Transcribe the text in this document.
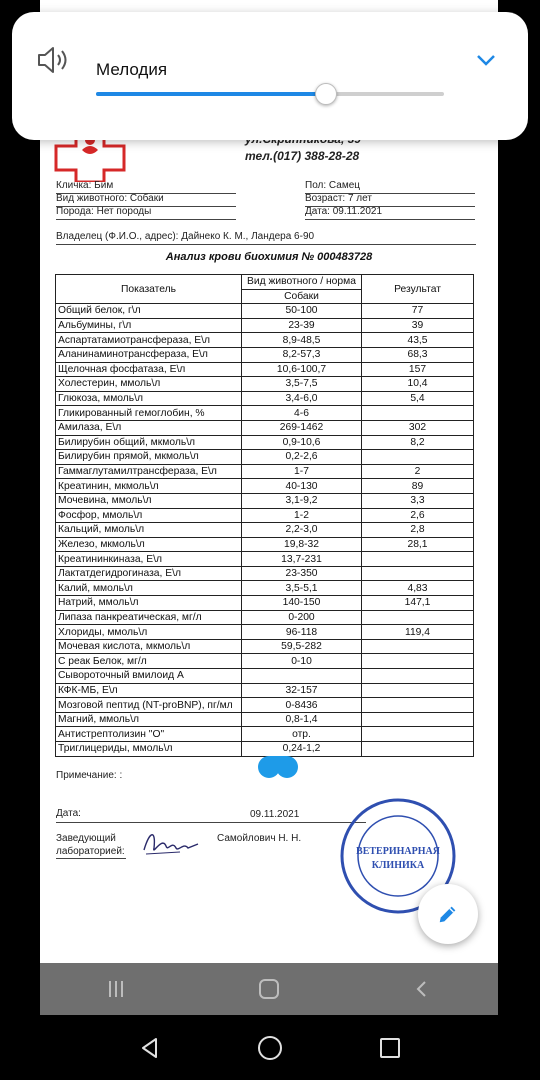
тел.(017) 388-28-28
Кличка: Бим
Вид животного: Собаки
Порода: Нет породы
Пол: Самец
Возраст: 7 лет
Дата: 09.11.2021
Владелец (Ф.И.О., адрес): Дайнеко К. М., Ландера 6-90
Анализ крови биохимия № 000483728
Показатель	Вид животного / норма	Результат
	Собаки	
Общий белок, г\л	50-100	77
Альбумины, г\л	23-39	39
Аспартатамиотрансфераза, Е\л	8,9-48,5	43,5
Аланинаминотрансфераза, Е\л	8,2-57,3	68,3
Щелочная фосфатаза, Е\л	10,6-100,7	157
Холестерин, ммоль\л	3,5-7,5	10,4
Глюкоза, ммоль\л	3,4-6,0	5,4
Гликированный гемоглобин, %	4-6	
Амилаза, Е\л	269-1462	302
Билирубин общий, мкмоль\л	0,9-10,6	8,2
Билирубин прямой, мкмоль\л	0,2-2,6	
Гаммаглутамилтрансфераза, Е\л	1-7	2
Креатинин, мкмоль\л	40-130	89
Мочевина, ммоль\л	3,1-9,2	3,3
Фосфор, ммоль\л	1-2	2,6
Кальций, ммоль\л	2,2-3,0	2,8
Железо, мкмоль\л	19,8-32	28,1
Креатининкиназа, Е\л	13,7-231	
Лактатдегидрогиназа, Е\л	23-350	
Калий, ммоль\л	3,5-5,1	4,83
Натрий, ммоль\л	140-150	147,1
Липаза панкреатическая, мг/л	0-200	
Хлориды, ммоль\л	96-118	119,4
Мочевая кислота, мкмоль\л	59,5-282	
С реак Белок, мг/л	0-10	
Сывороточный вмилоид А		
КФК-МБ, Е\л	32-157	
Мозговой пептид (NT-proBNP), пг/мл	0-8436	
Магний, ммоль\л	0,8-1,4	
Антистрептолизин "О"	отр.	
Триглицериды, ммоль\л	0,24-1,2	
Примечание: :
Дата:	09.11.2021
Заведующий
лабораторией:
Самойлович Н. Н.
ВЕТЕРИНАРНАЯ
КЛИНИКА
Мелодия
